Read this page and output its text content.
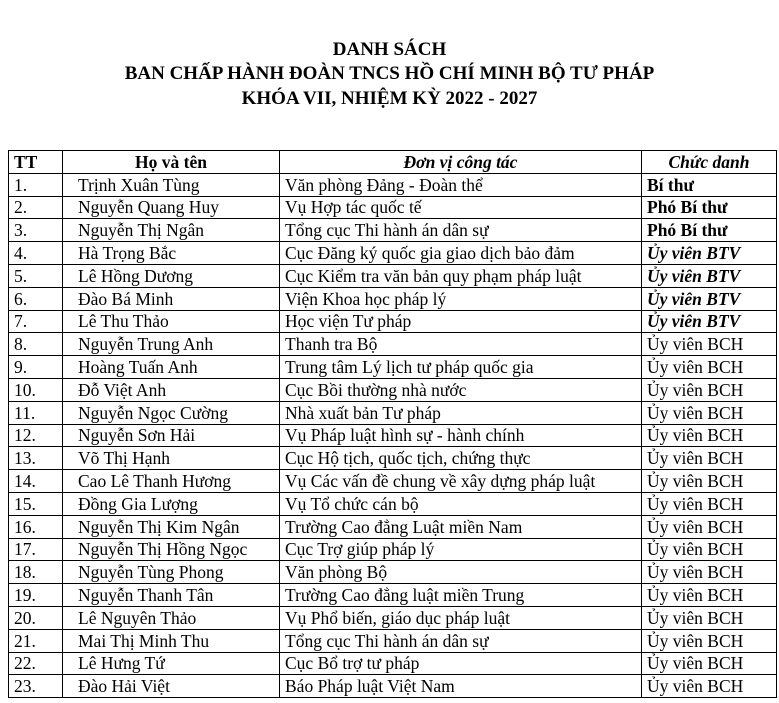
DANH SÁCH
BAN CHẤP HÀNH ĐOÀN TNCS HỒ CHÍ MINH BỘ TƯ PHÁP
KHÓA VII, NHIỆM KỲ 2022 - 2027
TT	Họ và tên	Đơn vị công tác	Chức danh
1.	Trịnh Xuân Tùng	Văn phòng Đảng - Đoàn thể	Bí thư
2.	Nguyễn Quang Huy	Vụ Hợp tác quốc tế	Phó Bí thư
3.	Nguyễn Thị Ngân	Tổng cục Thi hành án dân sự	Phó Bí thư
4.	Hà Trọng Bắc	Cục Đăng ký quốc gia giao dịch bảo đảm	Ủy viên BTV
5.	Lê Hồng Dương	Cục Kiểm tra văn bản quy phạm pháp luật	Ủy viên BTV
6.	Đào Bá Minh	Viện Khoa học pháp lý	Ủy viên BTV
7.	Lê Thu Thảo	Học viện Tư pháp	Ủy viên BTV
8.	Nguyễn Trung Anh	Thanh tra Bộ	Ủy viên BCH
9.	Hoàng Tuấn Anh	Trung tâm Lý lịch tư pháp quốc gia	Ủy viên BCH
10.	Đỗ Việt Anh	Cục Bồi thường nhà nước	Ủy viên BCH
11.	Nguyễn Ngọc Cường	Nhà xuất bản Tư pháp	Ủy viên BCH
12.	Nguyễn Sơn Hải	Vụ Pháp luật hình sự - hành chính	Ủy viên BCH
13.	Võ Thị Hạnh	Cục Hộ tịch, quốc tịch, chứng thực	Ủy viên BCH
14.	Cao Lê Thanh Hương	Vụ Các vấn đề chung về xây dựng pháp luật	Ủy viên BCH
15.	Đồng Gia Lượng	Vụ Tổ chức cán bộ	Ủy viên BCH
16.	Nguyễn Thị Kim Ngân	Trường Cao đẳng Luật miền Nam	Ủy viên BCH
17.	Nguyễn Thị Hồng Ngọc	Cục Trợ giúp pháp lý	Ủy viên BCH
18.	Nguyễn Tùng Phong	Văn phòng Bộ	Ủy viên BCH
19.	Nguyễn Thanh Tân	Trường Cao đẳng luật miền Trung	Ủy viên BCH
20.	Lê Nguyên Thảo	Vụ Phổ biến, giáo dục pháp luật	Ủy viên BCH
21.	Mai Thị Minh Thu	Tổng cục Thi hành án dân sự	Ủy viên BCH
22.	Lê Hưng Tứ	Cục Bổ trợ tư pháp	Ủy viên BCH
23.	Đào Hải Việt	Báo Pháp luật Việt Nam	Ủy viên BCH
